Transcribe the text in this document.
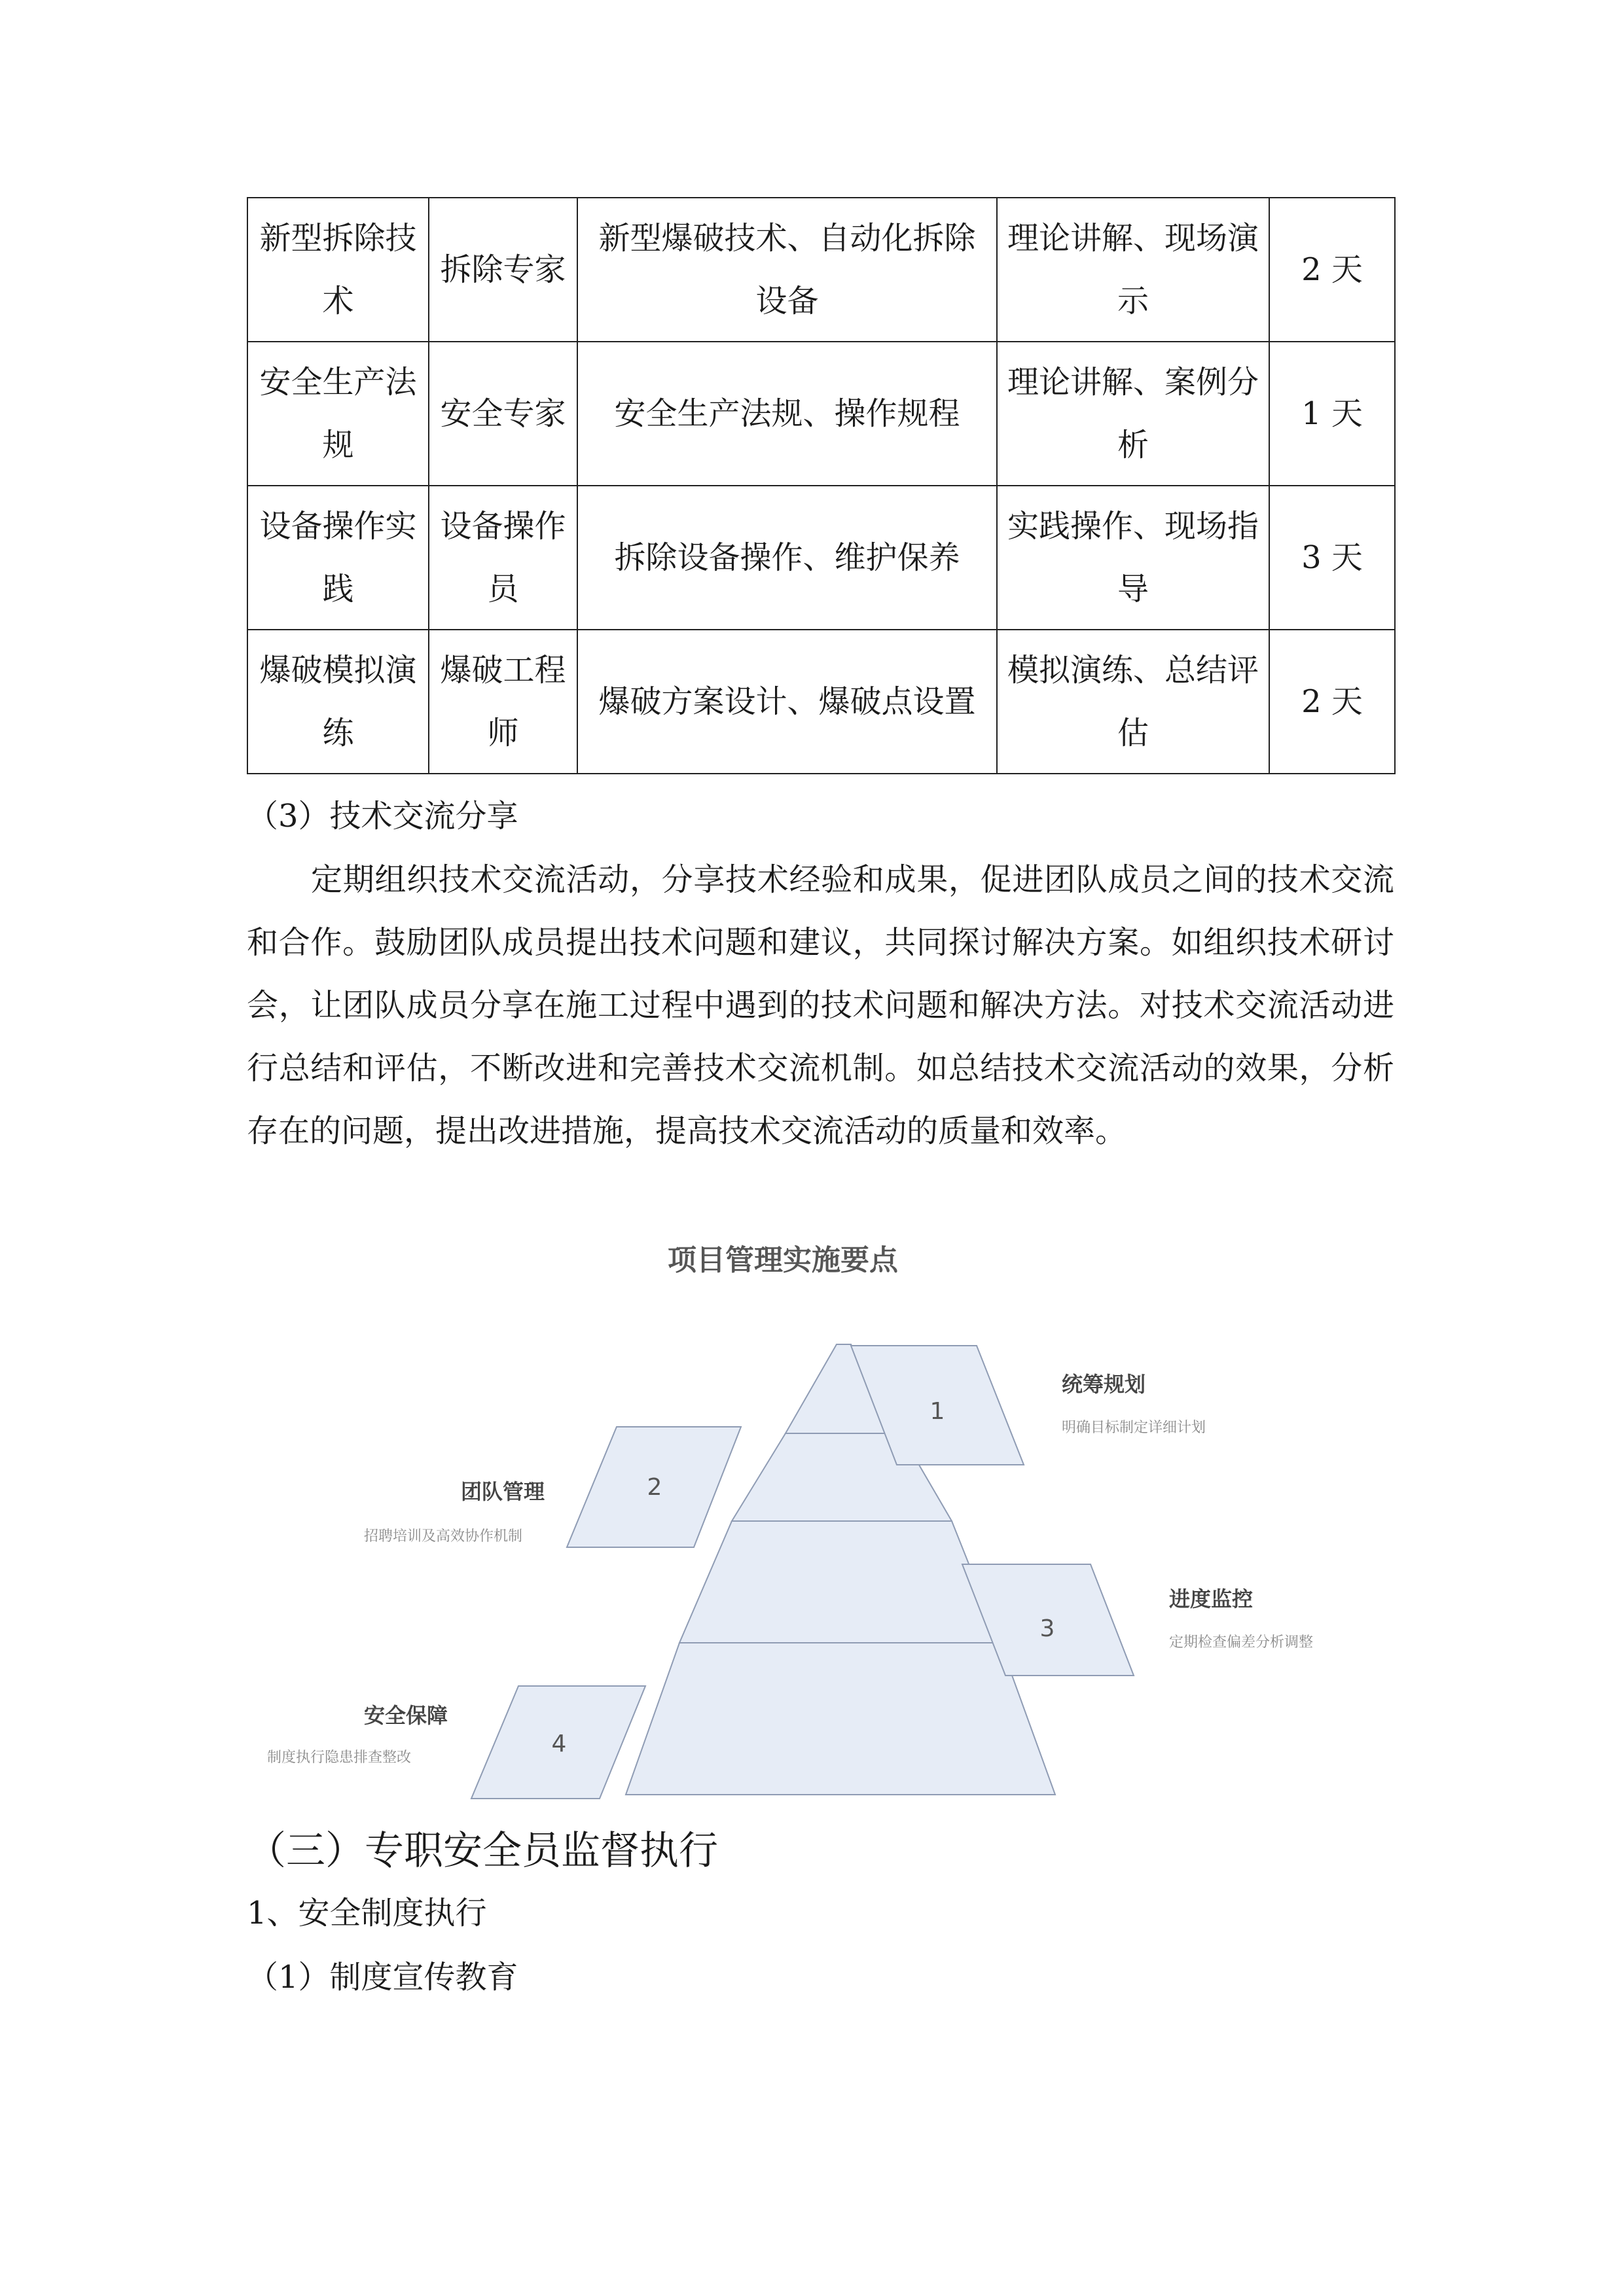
新型拆除技术	拆除专家	新型爆破技术、自动化拆除设备	理论讲解、现场演示	2 天
安全生产法规	安全专家	安全生产法规、操作规程	理论讲解、案例分析	1 天
设备操作实践	设备操作员	拆除设备操作、维护保养	实践操作、现场指导	3 天
爆破模拟演练	爆破工程师	爆破方案设计、爆破点设置	模拟演练、总结评估	2 天
（3）技术交流分享
定期组织技术交流活动，分享技术经验和成果，促进团队成员之间的技术交流和合作。鼓励团队成员提出技术问题和建议，共同探讨解决方案。如组织技术研讨会，让团队成员分享在施工过程中遇到的技术问题和解决方法。对技术交流活动进行总结和评估，不断改进和完善技术交流机制。如总结技术交流活动的效果，分析存在的问题，提出改进措施，提高技术交流活动的质量和效率。
项目管理实施要点
1
统筹规划
明确目标制定详细计划
2
团队管理
招聘培训及高效协作机制
3
进度监控
定期检查偏差分析调整
4
安全保障
制度执行隐患排查整改
（三）专职安全员监督执行
1、安全制度执行
（1）制度宣传教育
